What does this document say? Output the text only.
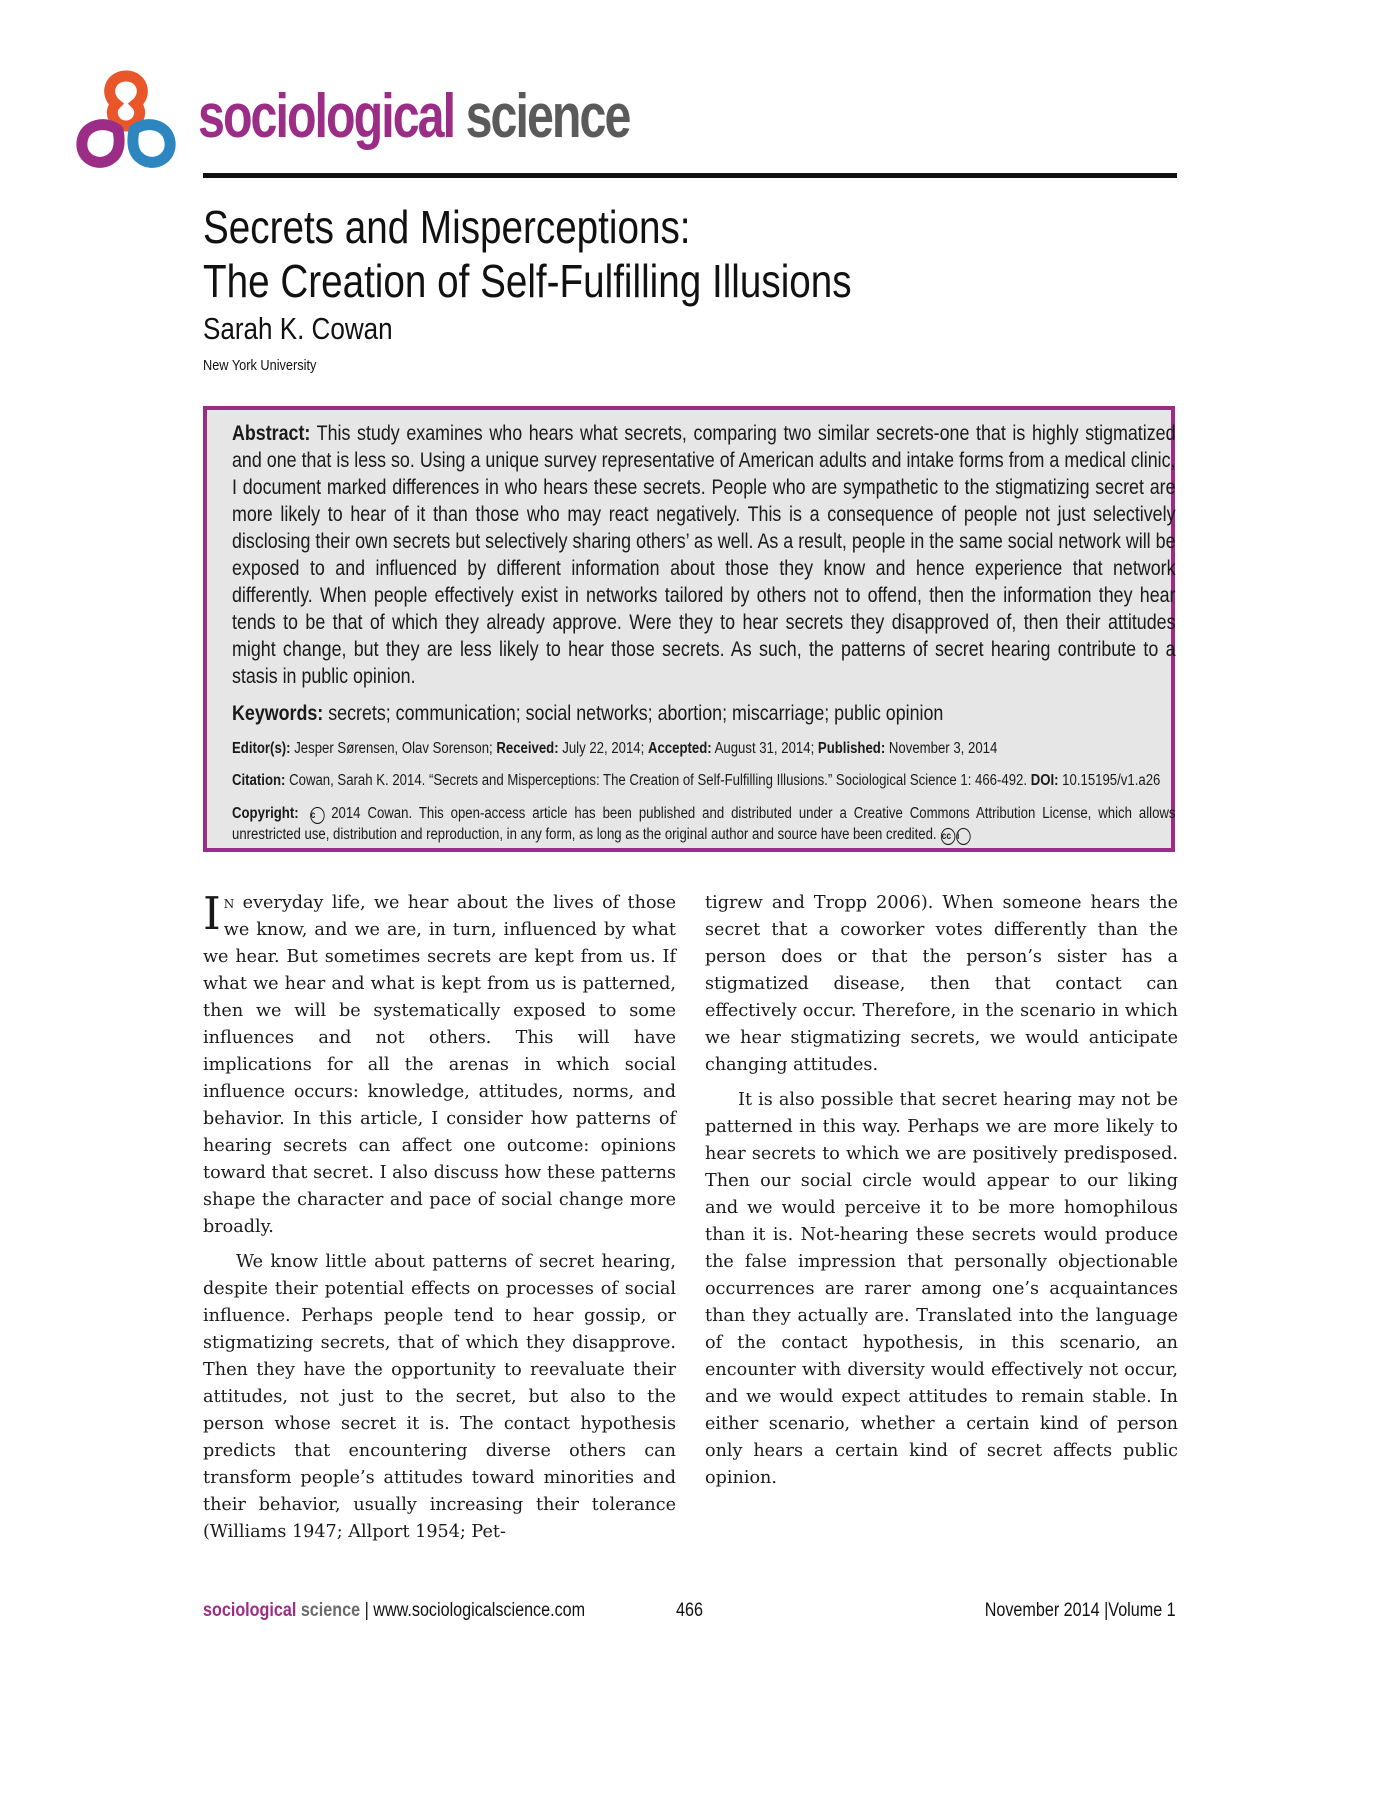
sociological science
Secrets and Misperceptions:
The Creation of Self-Fulfilling Illusions
Sarah K. Cowan
New York University

Abstract: This study examines who hears what secrets, comparing two similar secrets-one that is highly stigmatized and one that is less so. Using a unique survey representative of American adults and intake forms from a medical clinic, I document marked differences in who hears these secrets. People who are sympathetic to the stigmatizing secret are more likely to hear of it than those who may react negatively. This is a consequence of people not just selectively disclosing their own secrets but selectively sharing others’ as well. As a result, people in the same social network will be exposed to and influenced by different information about those they know and hence experience that network differently. When people effectively exist in networks tailored by others not to offend, then the information they hear tends to be that of which they already approve. Were they to hear secrets they disapproved of, then their attitudes might change, but they are less likely to hear those secrets. As such, the patterns of secret hearing contribute to a stasis in public opinion.

Keywords: secrets; communication; social networks; abortion; miscarriage; public opinion

Editor(s): Jesper Sørensen, Olav Sorenson; Received: July 22, 2014; Accepted: August 31, 2014; Published: November 3, 2014

Citation: Cowan, Sarah K. 2014. “Secrets and Misperceptions: The Creation of Self-Fulfilling Illusions.” Sociological Science 1: 466-492. DOI: 10.15195/v1.a26

Copyright: c 2014 Cowan. This open-access article has been published and distributed under a Creative Commons Attribution License, which allows unrestricted use, distribution and reproduction, in any form, as long as the original author and source have been credited. cc i

In everyday life, we hear about the lives of those we know, and we are, in turn, influenced by what we hear. But sometimes secrets are kept from us. If what we hear and what is kept from us is patterned, then we will be systematically exposed to some influences and not others. This will have implications for all the arenas in which social influence occurs: knowledge, attitudes, norms, and behavior. In this article, I consider how patterns of hearing secrets can affect one outcome: opinions toward that secret. I also discuss how these patterns shape the character and pace of social change more broadly.

We know little about patterns of secret hearing, despite their potential effects on processes of social influence. Perhaps people tend to hear gossip, or stigmatizing secrets, that of which they disapprove. Then they have the opportunity to reevaluate their attitudes, not just to the secret, but also to the person whose secret it is. The contact hypothesis predicts that encountering diverse others can transform people’s attitudes toward minorities and their behavior, usually increasing their tolerance (Williams 1947; Allport 1954; Pet-

tigrew and Tropp 2006). When someone hears the secret that a coworker votes differently than the person does or that the person’s sister has a stigmatized disease, then that contact can effectively occur. Therefore, in the scenario in which we hear stigmatizing secrets, we would anticipate changing attitudes.

It is also possible that secret hearing may not be patterned in this way. Perhaps we are more likely to hear secrets to which we are positively predisposed. Then our social circle would appear to our liking and we would perceive it to be more homophilous than it is. Not-hearing these secrets would produce the false impression that personally objectionable occurrences are rarer among one’s acquaintances than they actually are. Translated into the language of the contact hypothesis, in this scenario, an encounter with diversity would effectively not occur, and we would expect attitudes to remain stable. In either scenario, whether a certain kind of person only hears a certain kind of secret affects public opinion.

sociological science | www.sociologicalscience.com	466	November 2014 |Volume 1
